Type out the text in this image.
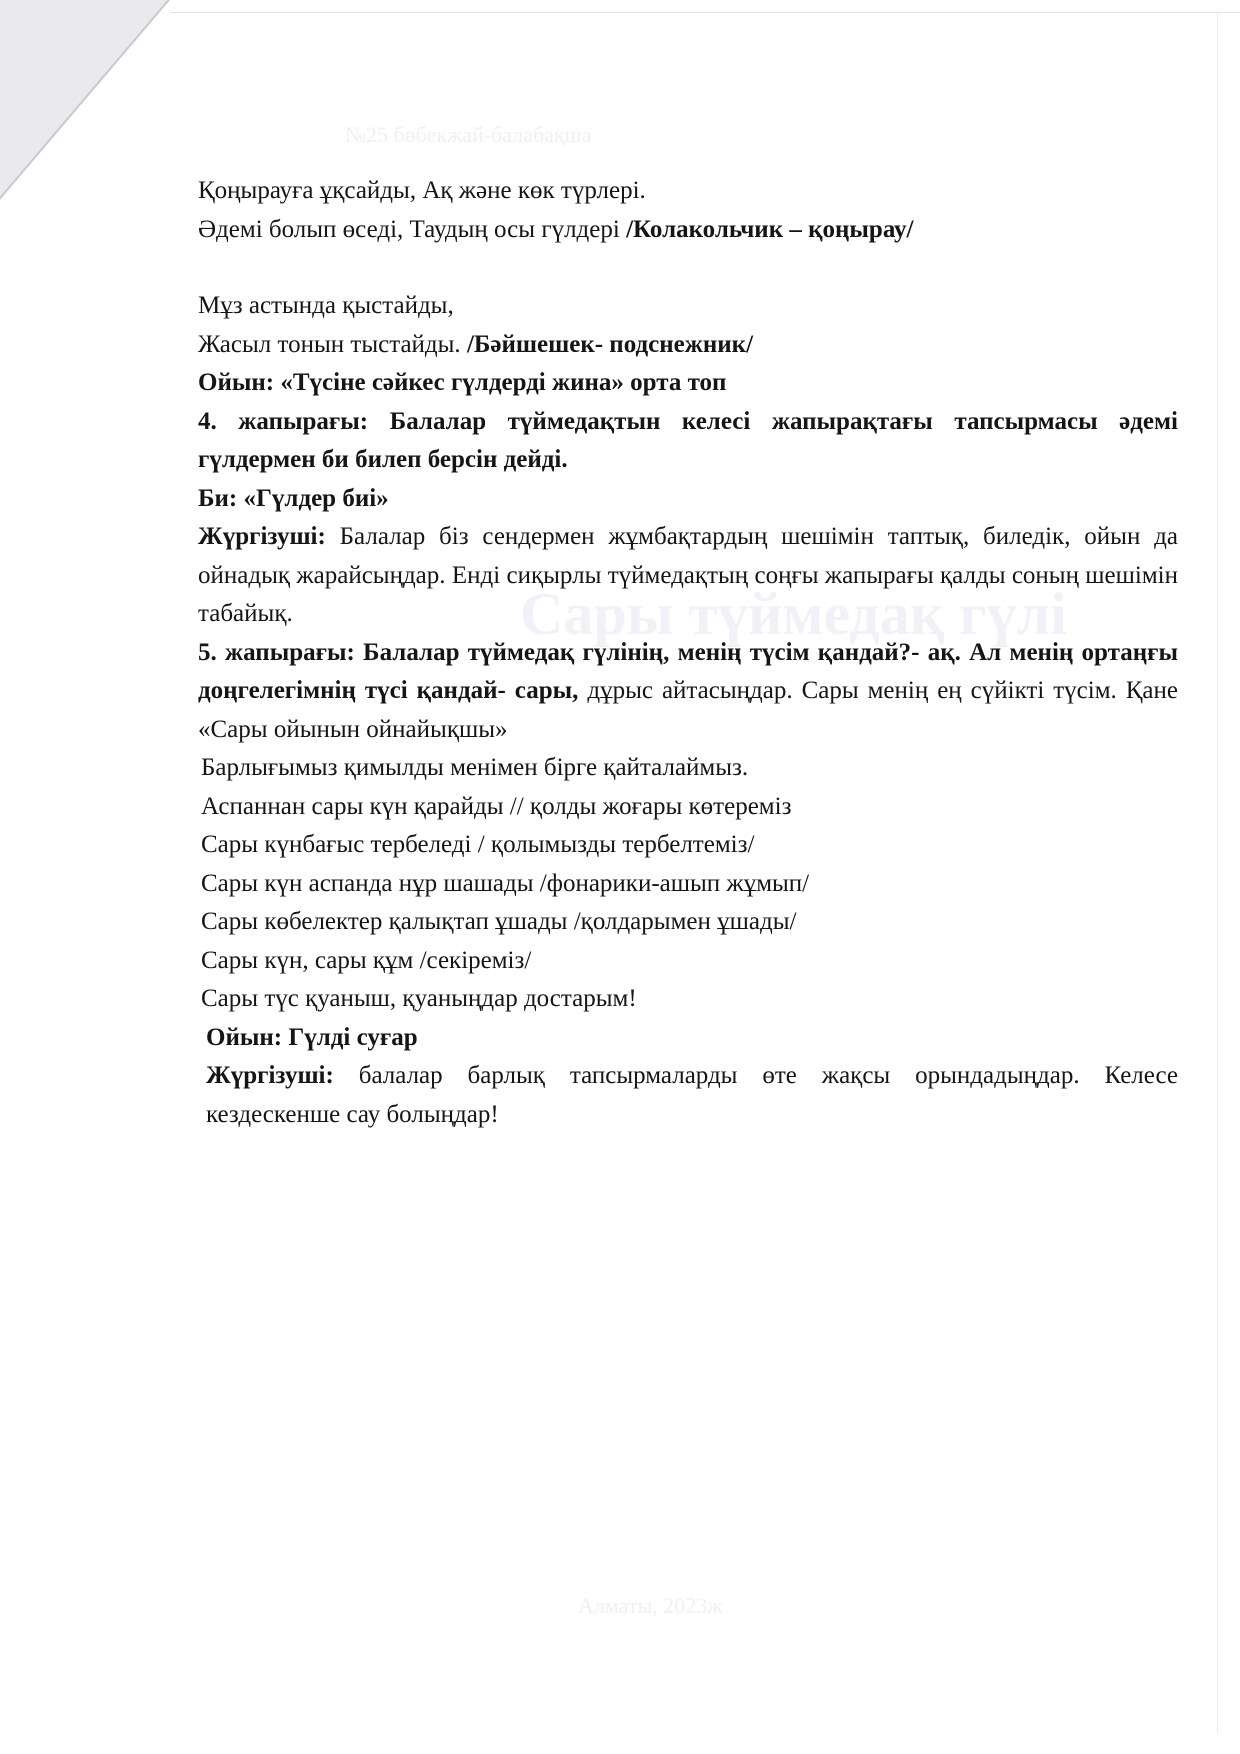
№25 бөбекжай-балабақша
Сары түймедақ гүлі
Алматы, 2023ж
Қоңырауға ұқсайды, Ақ және көк түрлері.
Әдемі болып өседі, Таудың осы гүлдері /Колакольчик – қоңырау/
Мұз астында қыстайды,
Жасыл тонын тыстайды. /Бәйшешек- подснежник/
Ойын: «Түсіне сәйкес гүлдерді жина» орта топ
4. жапырағы: Балалар түймедақтын келесі жапырақтағы тапсырмасы әдемі гүлдермен би билеп берсін дейді.
Би: «Гүлдер биі»
Жүргізуші: Балалар біз сендермен жұмбақтардың шешімін таптық, биледік, ойын да ойнадық жарайсыңдар. Енді сиқырлы түймедақтың соңғы жапырағы қалды соның шешімін табайық.
5. жапырағы: Балалар түймедақ гүлінің, менің түсім қандай?- ақ. Ал менің ортаңғы доңгелегімнің түсі қандай- сары, дұрыс айтасыңдар. Сары менің ең сүйікті түсім. Қане «Сары ойынын ойнайықшы»
Барлығымыз қимылды менімен бірге қайталаймыз.
Аспаннан сары күн қарайды // қолды жоғары көтереміз
Сары күнбағыс тербеледі / қолымызды тербелтеміз/
Сары күн аспанда нұр шашады /фонарики-ашып жұмып/
Сары көбелектер қалықтап ұшады /қолдарымен ұшады/
Сары күн, сары құм /секіреміз/
Сары түс қуаныш, қуаныңдар достарым!
Ойын: Гүлді суғар
Жүргізуші: балалар барлық тапсырмаларды өте жақсы орындадыңдар. Келесе кездескенше сау болыңдар!
